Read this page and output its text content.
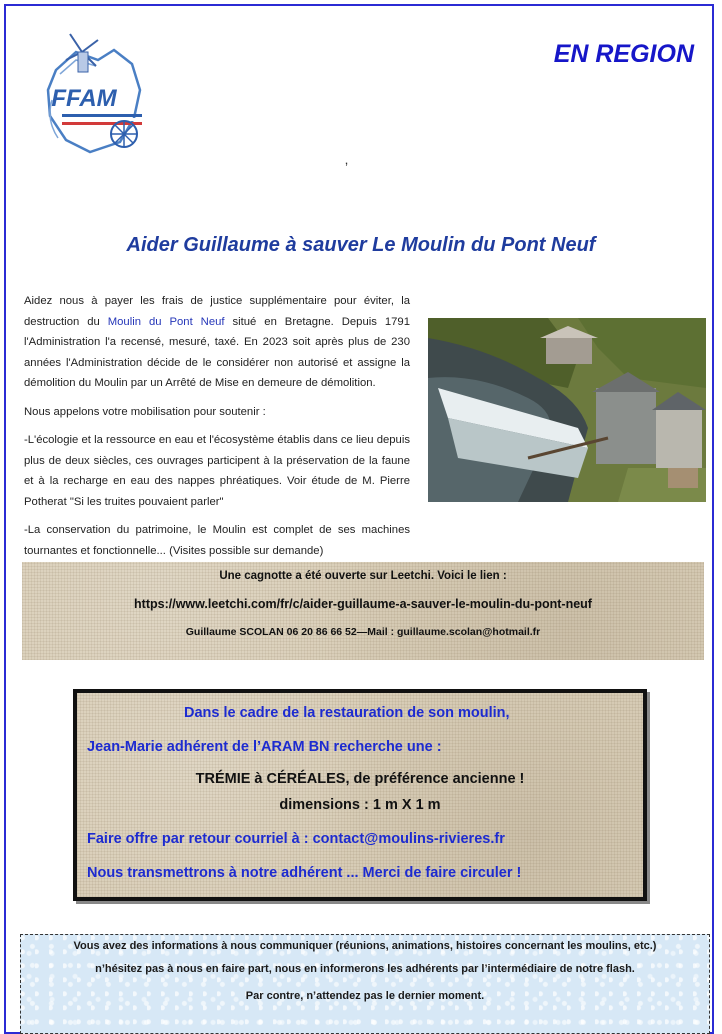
FFAM
EN REGION
ʼ
Aider Guillaume à sauver Le Moulin du Pont Neuf

Aidez nous à payer les frais de justice supplémentaire pour éviter, la destruction du Moulin du Pont Neuf situé en Bretagne. Depuis 1791 l'Administration l'a recensé, mesuré, taxé. En 2023 soit après plus de 230 années l'Administration décide de le considérer non autorisé et assigne la démolition du Moulin par un Arrêté de Mise en demeure de démolition.

Nous appelons votre mobilisation pour soutenir :

-L'écologie et la ressource en eau et l'écosystème établis dans ce lieu depuis plus de deux siècles, ces ouvrages participent à la préservation de la faune et à la recharge en eau des nappes phréatiques. Voir étude de M. Pierre Potherat "Si les truites pouvaient parler"

-La conservation du patrimoine, le Moulin est complet de ses machines tournantes et fonctionnelle... (Visites possible sur demande)

Une cagnotte a été ouverte sur Leetchi. Voici le lien :
https://www.leetchi.com/fr/c/aider-guillaume-a-sauver-le-moulin-du-pont-neuf
Guillaume SCOLAN 06 20 86 66 52—Mail : guillaume.scolan@hotmail.fr
Dans le cadre de la restauration de son moulin,
Jean-Marie adhérent de l’ARAM BN recherche une :
TRÉMIE à CÉRÉALES, de préférence ancienne !
dimensions : 1 m X 1 m
Faire offre par retour courriel à : contact@moulins-rivieres.fr
Nous transmettrons à notre adhérent ... Merci de faire circuler !
Vous avez des informations à nous communiquer (réunions, animations, histoires concernant les moulins, etc.)
n’hésitez pas à nous en faire part, nous en informerons les adhérents par l’intermédiaire de notre flash.
Par contre, n’attendez pas le dernier moment.
